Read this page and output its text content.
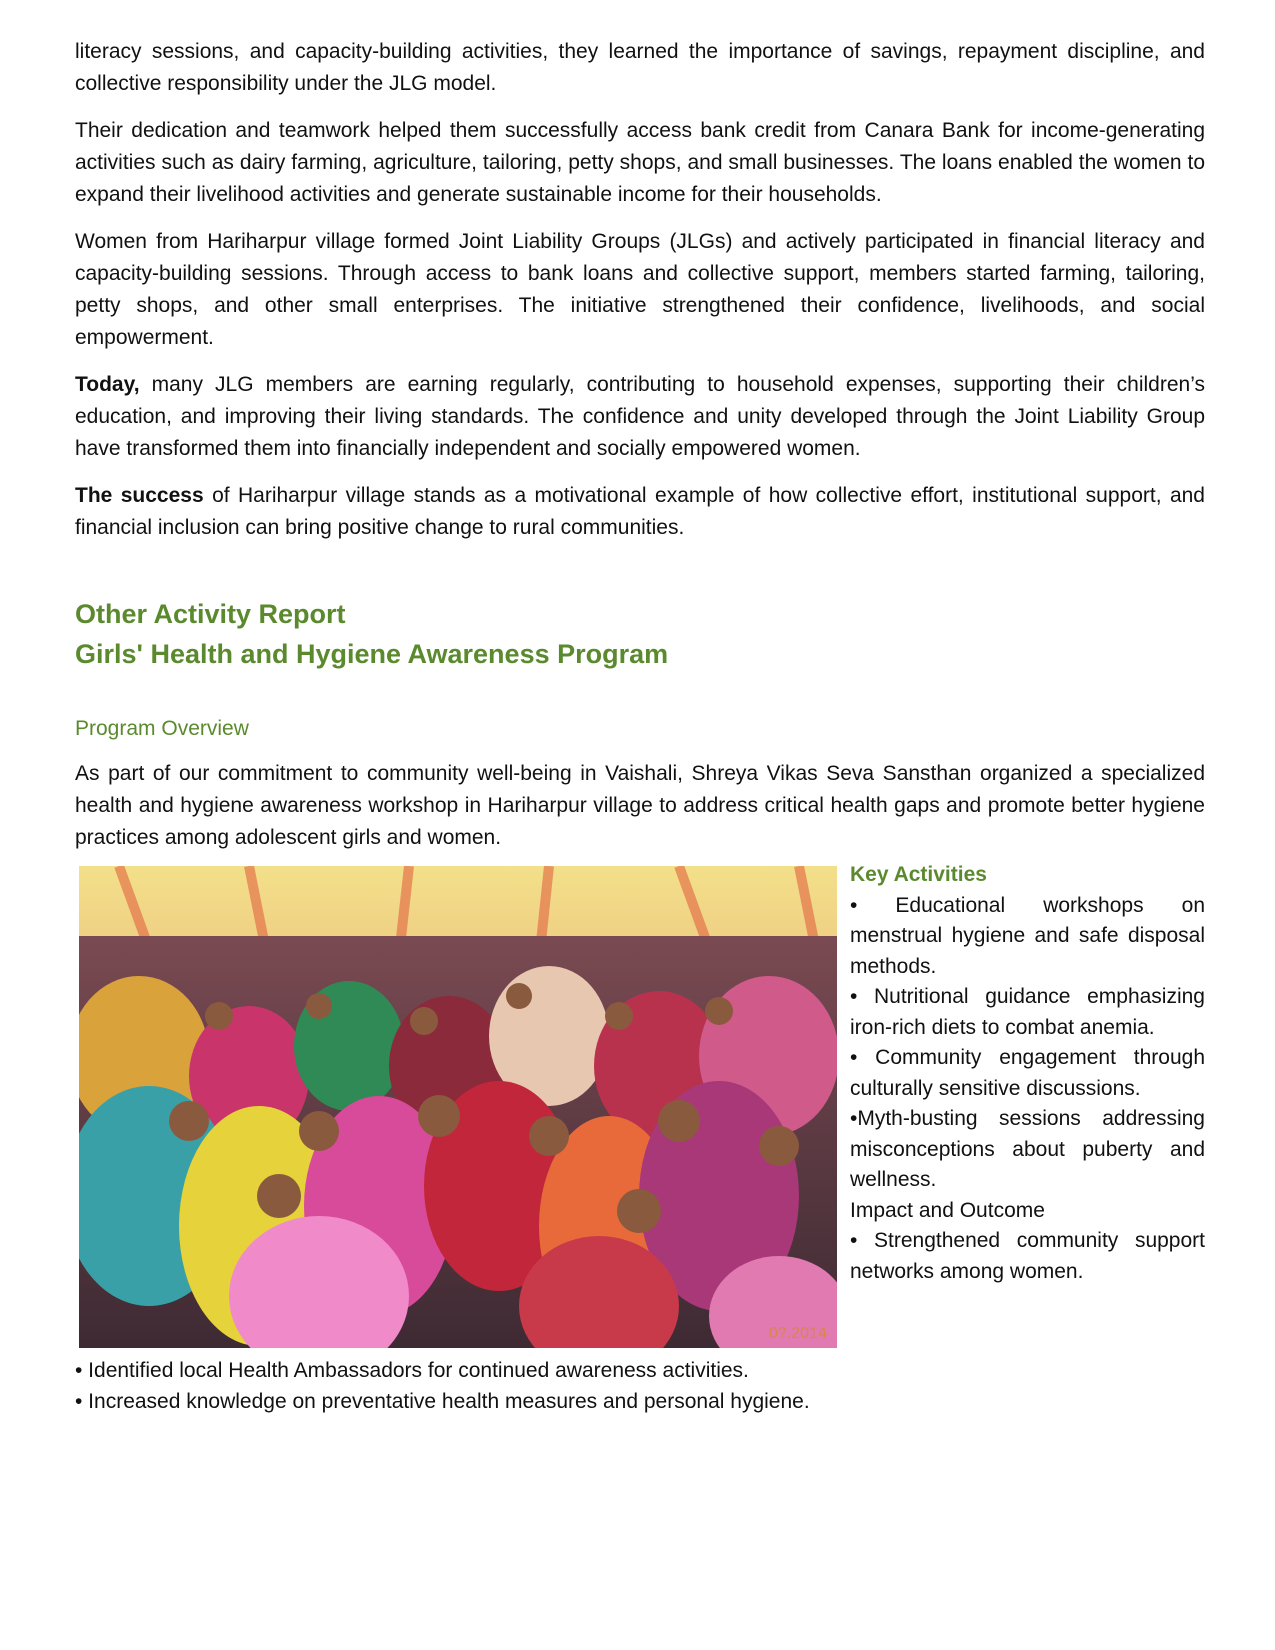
literacy sessions, and capacity-building activities, they learned the importance of savings, repayment discipline, and collective responsibility under the JLG model.

Their dedication and teamwork helped them successfully access bank credit from Canara Bank for income-generating activities such as dairy farming, agriculture, tailoring, petty shops, and small businesses. The loans enabled the women to expand their livelihood activities and generate sustainable income for their households.

Women from Hariharpur village formed Joint Liability Groups (JLGs) and actively participated in financial literacy and capacity-building sessions. Through access to bank loans and collective support, members started farming, tailoring, petty shops, and other small enterprises. The initiative strengthened their confidence, livelihoods, and social empowerment.

Today, many JLG members are earning regularly, contributing to household expenses, supporting their children’s education, and improving their living standards. The confidence and unity developed through the Joint Liability Group have transformed them into financially independent and socially empowered women.

The success of Hariharpur village stands as a motivational example of how collective effort, institutional support, and financial inclusion can bring positive change to rural communities.

Other Activity Report
Girls' Health and Hygiene Awareness Program
Program Overview

As part of our commitment to community well-being in Vaishali, Shreya Vikas Seva Sansthan organized a specialized health and hygiene awareness workshop in Hariharpur village to address critical health gaps and promote better hygiene practices among adolescent girls and women.

0?.2014
Key Activities
• Educational workshops on menstrual hygiene and safe disposal methods.
• Nutritional guidance emphasizing iron-rich diets to combat anemia.
• Community engagement through culturally sensitive discussions.
•Myth-busting sessions addressing misconceptions about puberty and wellness.
Impact and Outcome
• Strengthened community support networks among women.
• Identified local Health Ambassadors for continued awareness activities.
• Increased knowledge on preventative health measures and personal hygiene.
